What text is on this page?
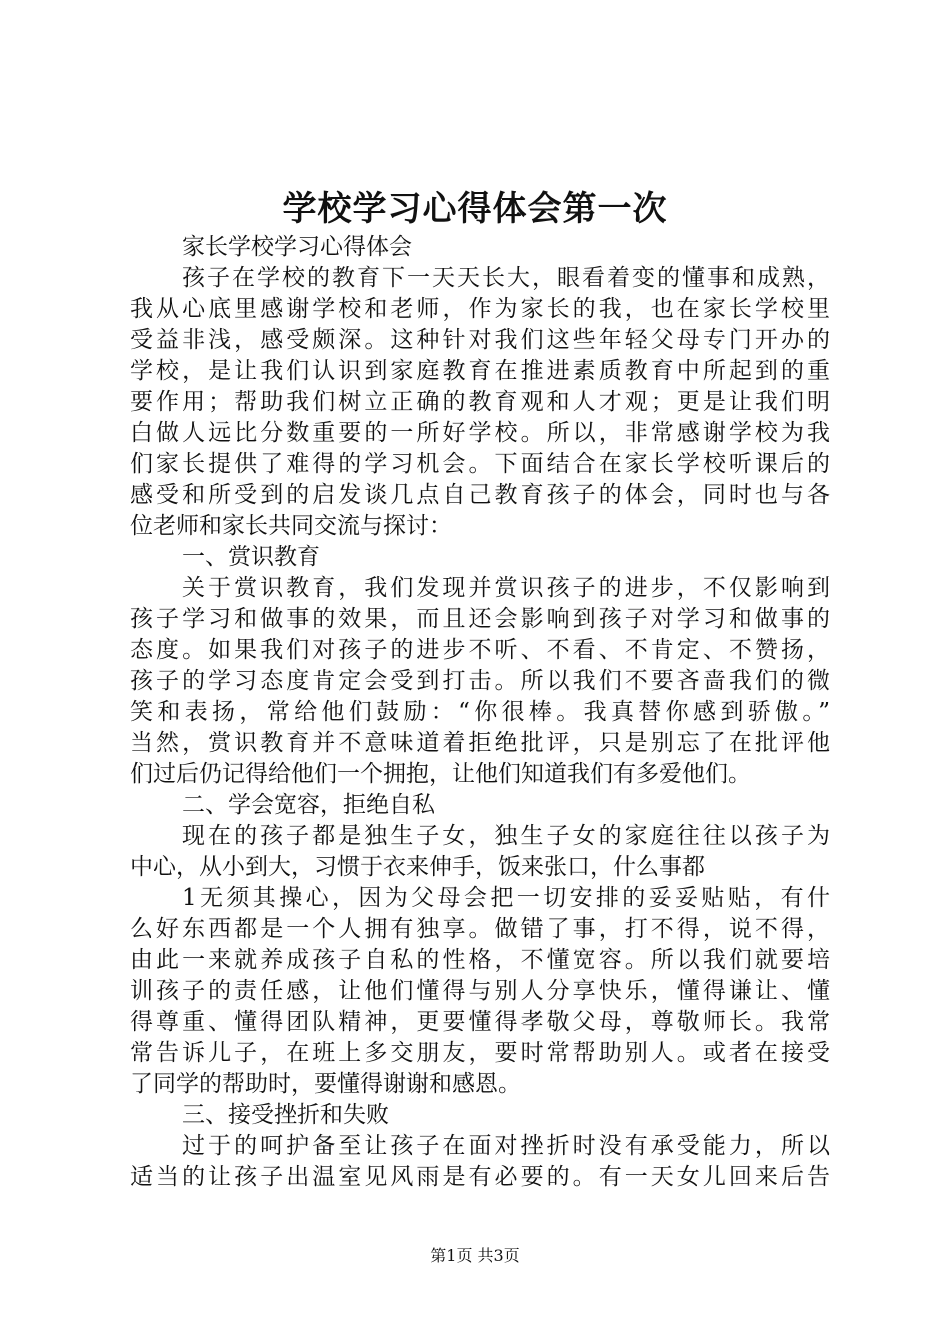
学校学习心得体会第一次
家长学校学习心得体会
孩子在学校的教育下一天天长大，眼看着变的懂事和成熟，
我从心底里感谢学校和老师，作为家长的我，也在家长学校里
受益非浅，感受颇深。这种针对我们这些年轻父母专门开办的
学校，是让我们认识到家庭教育在推进素质教育中所起到的重
要作用；帮助我们树立正确的教育观和人才观；更是让我们明
白做人远比分数重要的一所好学校。所以，非常感谢学校为我
们家长提供了难得的学习机会。下面结合在家长学校听课后的
感受和所受到的启发谈几点自己教育孩子的体会，同时也与各
位老师和家长共同交流与探讨：
一、赏识教育
关于赏识教育，我们发现并赏识孩子的进步，不仅影响到
孩子学习和做事的效果，而且还会影响到孩子对学习和做事的
态度。如果我们对孩子的进步不听、不看、不肯定、不赞扬，
孩子的学习态度肯定会受到打击。所以我们不要吝啬我们的微
笑和表扬，常给他们鼓励：“你很棒。我真替你感到骄傲。”
当然，赏识教育并不意味道着拒绝批评，只是别忘了在批评他
们过后仍记得给他们一个拥抱，让他们知道我们有多爱他们。
二、学会宽容，拒绝自私
现在的孩子都是独生子女，独生子女的家庭往往以孩子为
中心，从小到大，习惯于衣来伸手，饭来张口，什么事都
1无须其操心，因为父母会把一切安排的妥妥贴贴，有什
么好东西都是一个人拥有独享。做错了事，打不得，说不得，
由此一来就养成孩子自私的性格，不懂宽容。所以我们就要培
训孩子的责任感，让他们懂得与别人分享快乐，懂得谦让、懂
得尊重、懂得团队精神，更要懂得孝敬父母，尊敬师长。我常
常告诉儿子，在班上多交朋友，要时常帮助别人。或者在接受
了同学的帮助时，要懂得谢谢和感恩。
三、接受挫折和失败
过于的呵护备至让孩子在面对挫折时没有承受能力，所以
适当的让孩子出温室见风雨是有必要的。有一天女儿回来后告
第1页 共3页
